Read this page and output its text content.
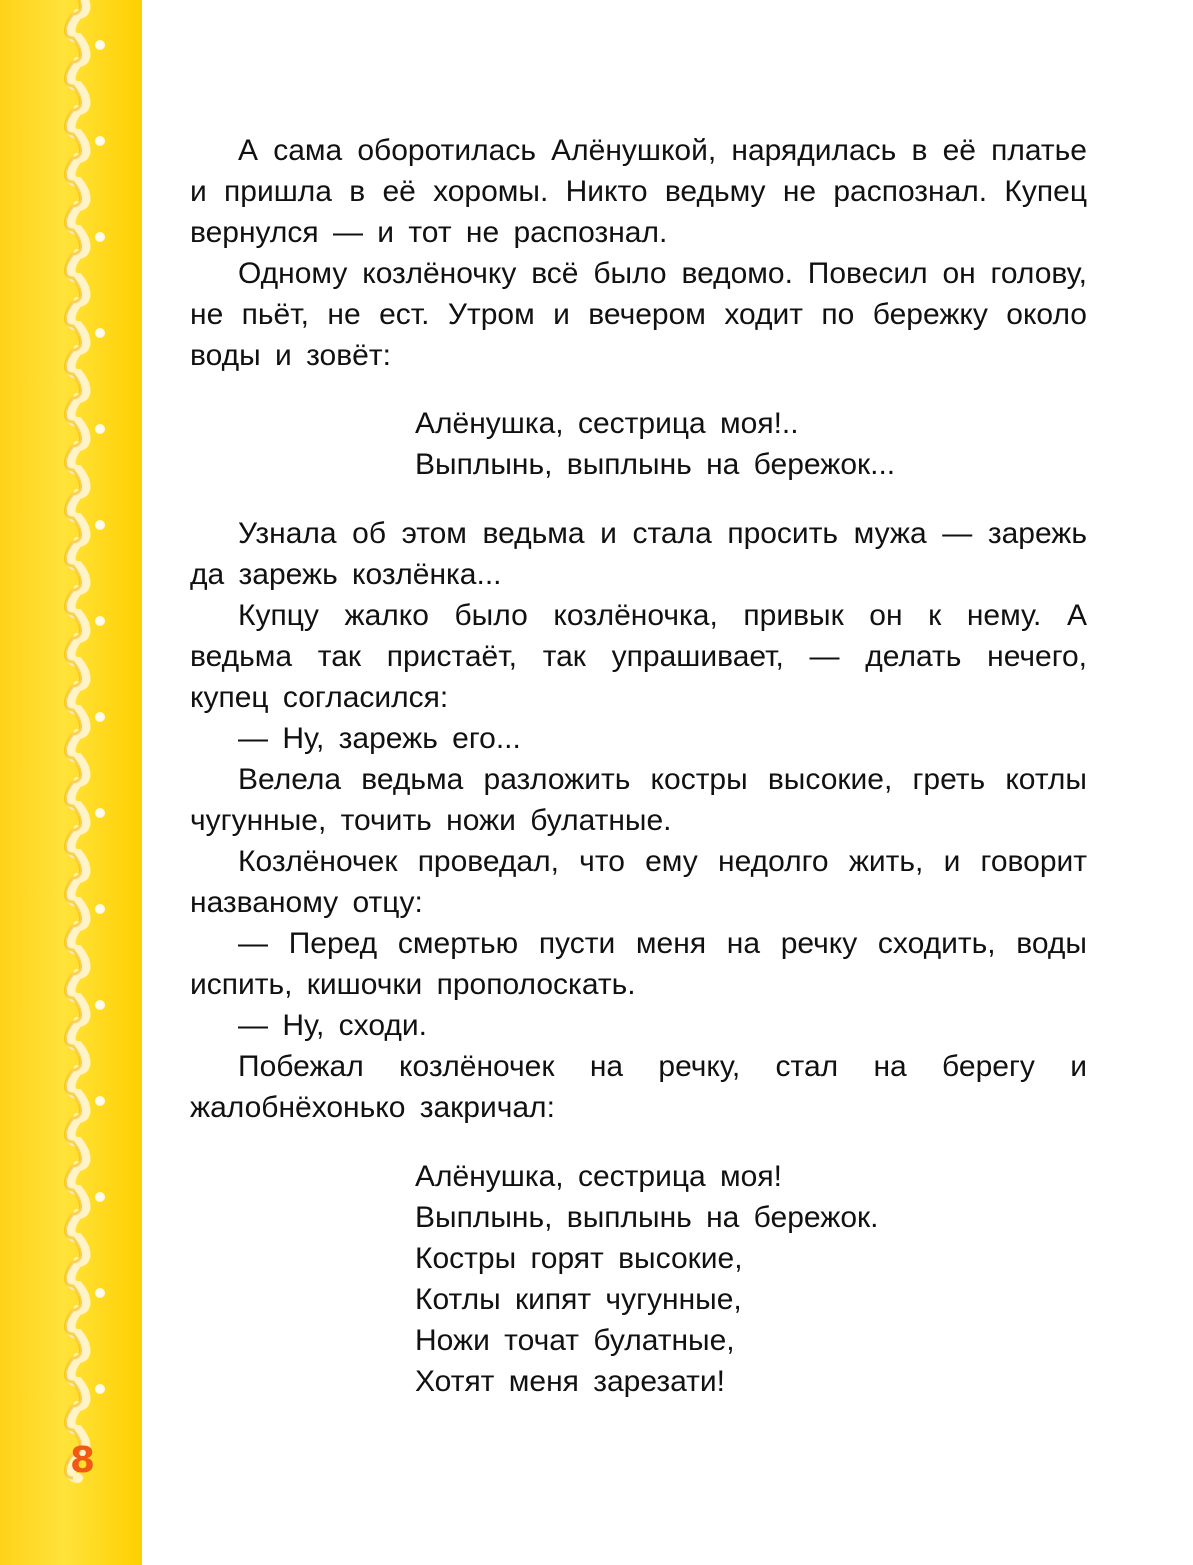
8

А сама оборотилась Алёнушкой, нарядилась в её платье и пришла в её хоромы. Никто ведьму не распознал. Купец вернулся — и тот не распознал.

Одному козлёночку всё было ведомо. Повесил он голову, не пьёт, не ест. Утром и вечером ходит по бережку около воды и зовёт:

Алёнушка, сестрица моя!..
Выплынь, выплынь на бережок...

Узнала об этом ведьма и стала просить мужа — зарежь да зарежь козлёнка...

Купцу жалко было козлёночка, привык он к нему. А ведьма так пристаёт, так упрашивает, — делать нечего, купец согласился:

— Ну, зарежь его...

Велела ведьма разложить костры высокие, греть котлы чугунные, точить ножи булатные.

Козлёночек проведал, что ему недолго жить, и говорит названому отцу:

— Перед смертью пусти меня на речку сходить, воды испить, кишочки прополоскать.

— Ну, сходи.

Побежал козлёночек на речку, стал на берегу и жалобнёхонько закричал:

Алёнушка, сестрица моя!
Выплынь, выплынь на бережок.
Костры горят высокие,
Котлы кипят чугунные,
Ножи точат булатные,
Хотят меня зарезати!
